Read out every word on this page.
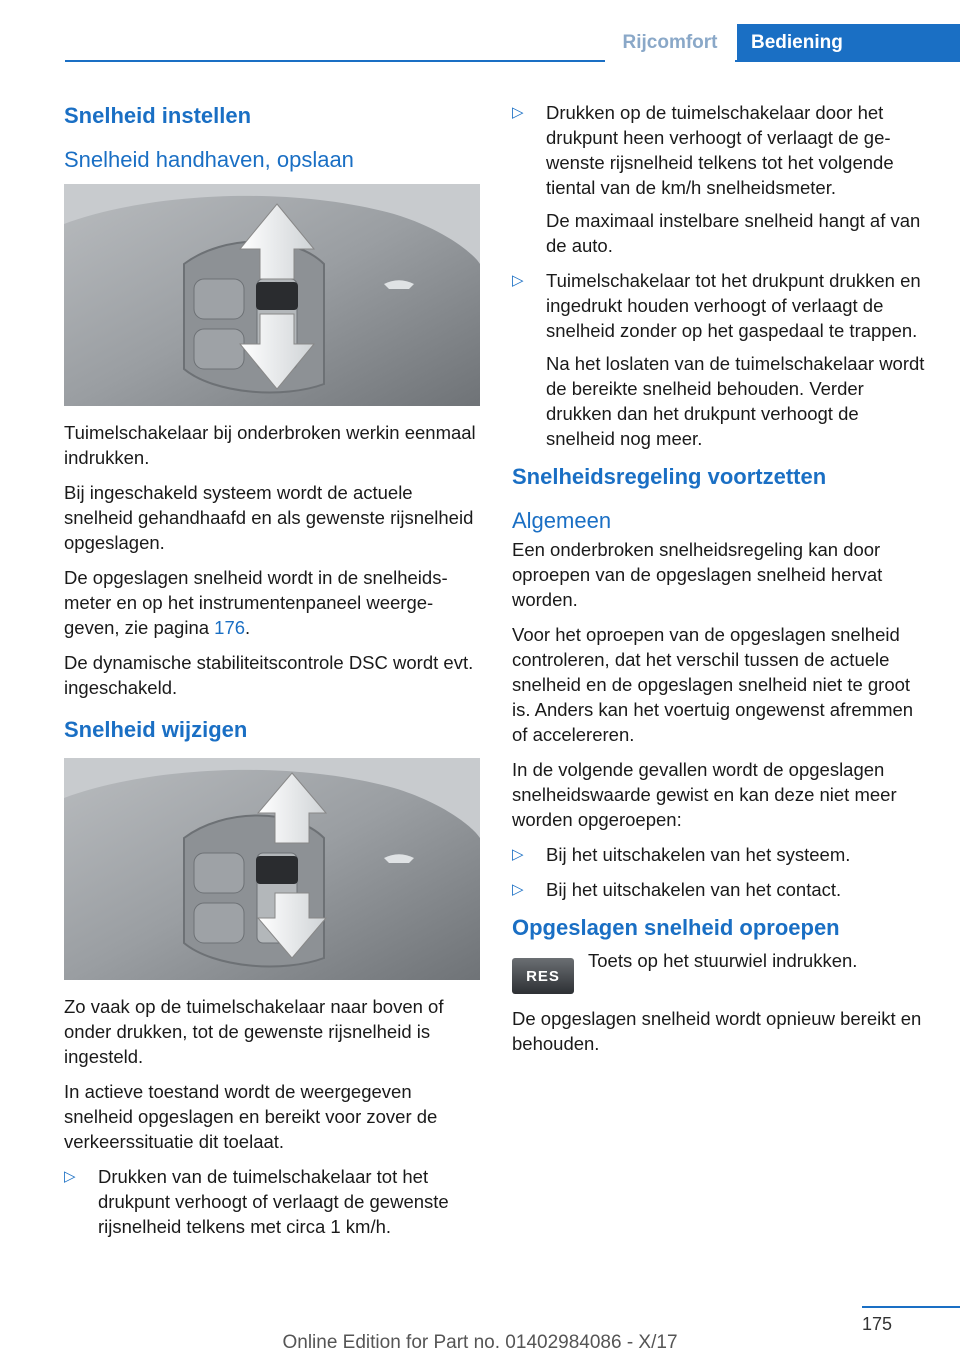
Rijcomfort	Bediening
Snelheid instellen
Snelheid handhaven, opslaan

Tuimelschakelaar bij onderbroken werkin eenmaal indrukken.

Bij ingeschakeld systeem wordt de actuele snelheid gehandhaafd en als gewenste rijsnelheid opgeslagen.

De opgeslagen snelheid wordt in de snelheidsmeter en op het instrumentenpaneel weergegeven, zie pagina 176.

De dynamische stabiliteitscontrole DSC wordt evt. ingeschakeld.

Snelheid wijzigen

Zo vaak op de tuimelschakelaar naar boven of onder drukken, tot de gewenste rijsnelheid is ingesteld.

In actieve toestand wordt de weergegeven snelheid opgeslagen en bereikt voor zover de verkeerssituatie dit toelaat.

▷ Drukken van de tuimelschakelaar tot het drukpunt verhoogt of verlaagt de gewenste rijsnelheid telkens met circa 1 km/h.
▷ Drukken op de tuimelschakelaar door het drukpunt heen verhoogt of verlaagt de gewenste rijsnelheid telkens tot het volgende tiental van de km/h snelheidsmeter.

De maximaal instelbare snelheid hangt af van de auto.

▷ Tuimelschakelaar tot het drukpunt drukken en ingedrukt houden verhoogt of verlaagt de snelheid zonder op het gaspedaal te trappen.

Na het loslaten van de tuimelschakelaar wordt de bereikte snelheid behouden. Verder drukken dan het drukpunt verhoogt de snelheid nog meer.

Snelheidsregeling voortzetten
Algemeen

Een onderbroken snelheidsregeling kan door oproepen van de opgeslagen snelheid hervat worden.

Voor het oproepen van de opgeslagen snelheid controleren, dat het verschil tussen de actuele snelheid en de opgeslagen snelheid niet te groot is. Anders kan het voertuig ongewenst afremmen of accelereren.

In de volgende gevallen wordt de opgeslagen snelheidswaarde gewist en kan deze niet meer worden opgeroepen:

▷ Bij het uitschakelen van het systeem.
▷ Bij het uitschakelen van het contact.
Opgeslagen snelheid oproepen
RES
Toets op het stuurwiel indrukken.

De opgeslagen snelheid wordt opnieuw bereikt en behouden.

175
Online Edition for Part no. 01402984086 - X/17
